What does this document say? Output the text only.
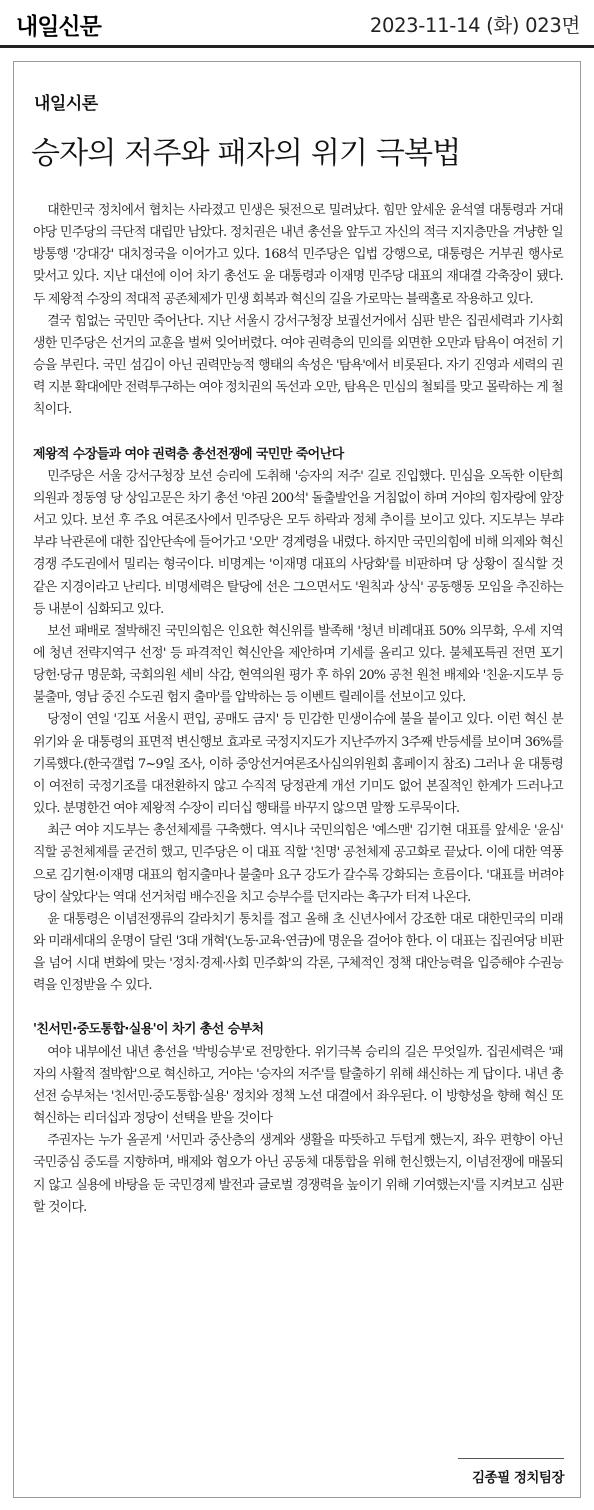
내일신문	2023-11-14 (화) 023면
내일시론
승자의 저주와 패자의 위기 극복법

대한민국 정치에서 협치는 사라졌고 민생은 뒷전으로 밀려났다. 힘만 앞세운 윤석열 대통령과 거대야당 민주당의 극단적 대립만 남았다. 정치권은 내년 총선을 앞두고 자신의 적극 지지층만을 겨냥한 일방통행 '강대강' 대치정국을 이어가고 있다. 168석 민주당은 입법 강행으로, 대통령은 거부권 행사로 맞서고 있다. 지난 대선에 이어 차기 총선도 윤 대통령과 이재명 민주당 대표의 재대결 각축장이 됐다. 두 제왕적 수장의 적대적 공존체제가 민생 회복과 혁신의 길을 가로막는 블랙홀로 작용하고 있다.

결국 힘없는 국민만 죽어난다. 지난 서울시 강서구청장 보궐선거에서 심판 받은 집권세력과 기사회생한 민주당은 선거의 교훈을 벌써 잊어버렸다. 여야 권력층의 민의를 외면한 오만과 탐욕이 여전히 기승을 부린다. 국민 섬김이 아닌 권력만능적 행태의 속성은 '탐욕'에서 비롯된다. 자기 진영과 세력의 권력 지분 확대에만 전력투구하는 여야 정치권의 독선과 오만, 탐욕은 민심의 철퇴를 맞고 몰락하는 게 철칙이다.

제왕적 수장들과 여야 권력층 총선전쟁에 국민만 죽어난다

민주당은 서울 강서구청장 보선 승리에 도취해 '승자의 저주' 길로 진입했다. 민심을 오독한 이탄희 의원과 정동영 당 상임고문은 차기 총선 '야권 200석' 돌출발언을 거침없이 하며 거야의 힘자랑에 앞장서고 있다. 보선 후 주요 여론조사에서 민주당은 모두 하락과 정체 추이를 보이고 있다. 지도부는 부랴부랴 낙관론에 대한 집안단속에 들어가고 '오만' 경계령을 내렸다. 하지만 국민의힘에 비해 의제와 혁신 경쟁 주도권에서 밀리는 형국이다. 비명계는 '이재명 대표의 사당화'를 비판하며 당 상황이 질식할 것 같은 지경이라고 난리다. 비명세력은 탈당에 선은 그으면서도 '원칙과 상식' 공동행동 모임을 추진하는 등 내분이 심화되고 있다.

보선 패배로 절박해진 국민의힘은 인요한 혁신위를 발족해 '청년 비례대표 50% 의무화, 우세 지역에 청년 전략지역구 선정' 등 파격적인 혁신안을 제안하며 기세를 올리고 있다. 불체포특권 전면 포기 당헌·당규 명문화, 국회의원 세비 삭감, 현역의원 평가 후 하위 20% 공천 원천 배제와 '친윤·지도부 등 불출마, 영남 중진 수도권 험지 출마'를 압박하는 등 이벤트 릴레이를 선보이고 있다.

당정이 연일 '김포 서울시 편입, 공매도 금지' 등 민감한 민생이슈에 불을 붙이고 있다. 이런 혁신 분위기와 윤 대통령의 표면적 변신행보 효과로 국정지지도가 지난주까지 3주째 반등세를 보이며 36%를 기록했다.(한국갤럽 7~9일 조사, 이하 중앙선거여론조사심의위원회 홈페이지 참조) 그러나 윤 대통령이 여전히 국정기조를 대전환하지 않고 수직적 당정관계 개선 기미도 없어 본질적인 한계가 드러나고 있다. 분명한건 여야 제왕적 수장이 리더십 행태를 바꾸지 않으면 말짱 도루묵이다.

최근 여야 지도부는 총선체제를 구축했다. 역시나 국민의힘은 '예스맨' 김기현 대표를 앞세운 '윤심' 직할 공천체제를 굳건히 했고, 민주당은 이 대표 직할 '친명' 공천체제 공고화로 끝났다. 이에 대한 역풍으로 김기현·이재명 대표의 험지출마나 불출마 요구 강도가 갈수록 강화되는 흐름이다. '대표를 버려야 당이 살았다'는 역대 선거처럼 배수진을 치고 승부수를 던지라는 촉구가 터져 나온다.

윤 대통령은 이념전쟁류의 갈라치기 통치를 접고 올해 초 신년사에서 강조한 대로 대한민국의 미래와 미래세대의 운명이 달린 '3대 개혁'(노동·교육·연금)에 명운을 걸어야 한다. 이 대표는 집권여당 비판을 넘어 시대 변화에 맞는 '정치·경제·사회 민주화'의 각론, 구체적인 정책 대안능력을 입증해야 수권능력을 인정받을 수 있다.

'친서민·중도통합·실용'이 차기 총선 승부처

여야 내부에선 내년 총선을 '박빙승부'로 전망한다. 위기극복 승리의 길은 무엇일까. 집권세력은 '패자의 사활적 절박함'으로 혁신하고, 거야는 '승자의 저주'를 탈출하기 위해 쇄신하는 게 답이다. 내년 총선전 승부처는 '친서민·중도통합·실용' 정치와 정책 노선 대결에서 좌우된다. 이 방향성을 향해 혁신 또 혁신하는 리더십과 정당이 선택을 받을 것이다

주권자는 누가 올곧게 '서민과 중산층의 생계와 생활을 따뜻하고 두텁게 했는지, 좌우 편향이 아닌 국민중심 중도를 지향하며, 배제와 혐오가 아닌 공동체 대통합을 위해 헌신했는지, 이념전쟁에 매몰되지 않고 실용에 바탕을 둔 국민경제 발전과 글로벌 경쟁력을 높이기 위해 기여했는지'를 지켜보고 심판할 것이다.

김종필 정치팀장
